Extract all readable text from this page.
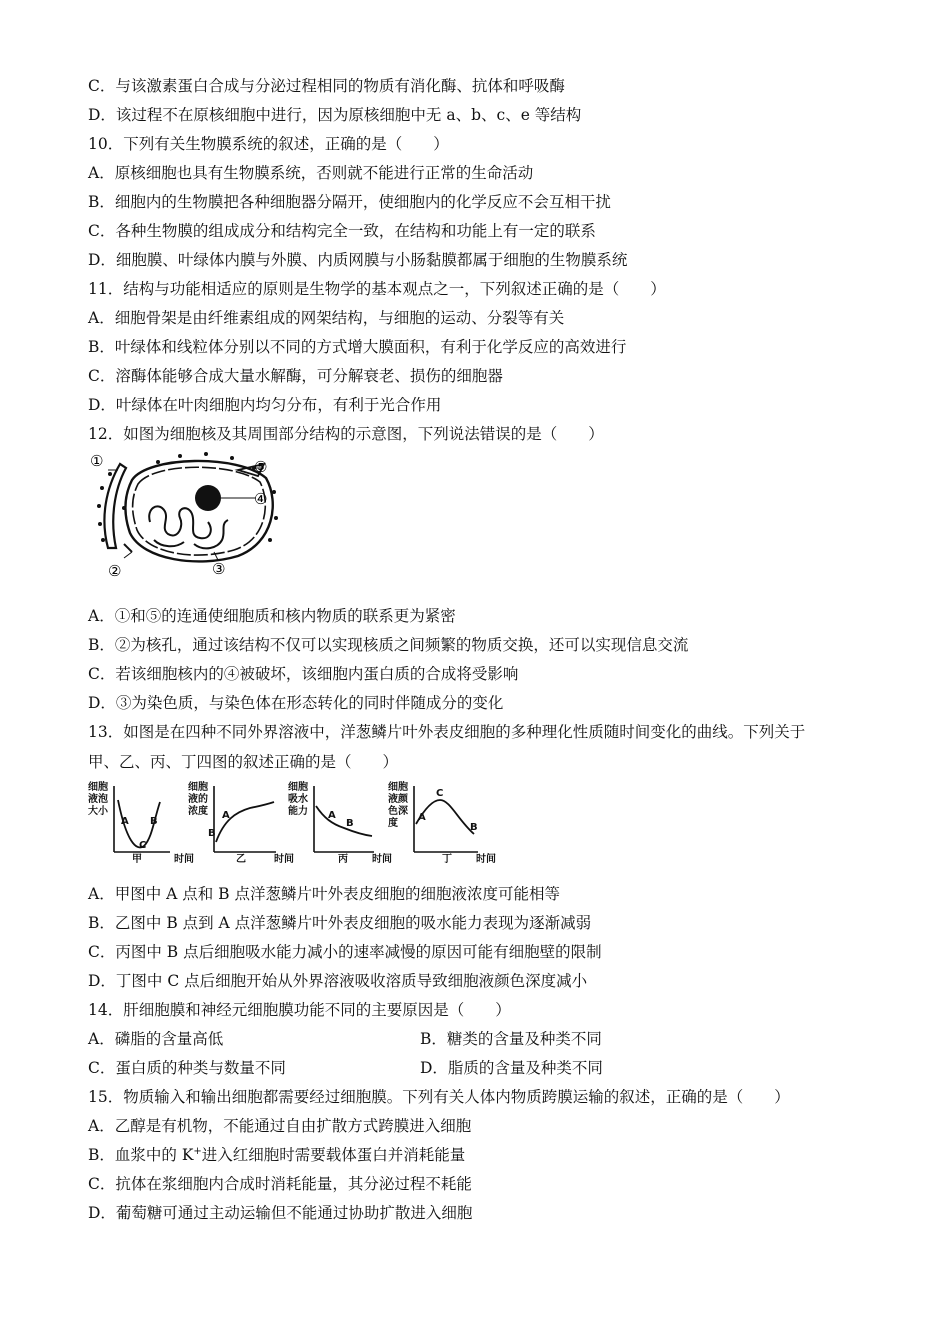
C．与该激素蛋白合成与分泌过程相同的物质有消化酶、抗体和呼吸酶
D．该过程不在原核细胞中进行，因为原核细胞中无 a、b、c、e 等结构
10．下列有关生物膜系统的叙述，正确的是（　　）
A．原核细胞也具有生物膜系统，否则就不能进行正常的生命活动
B．细胞内的生物膜把各种细胞器分隔开，使细胞内的化学反应不会互相干扰
C．各种生物膜的组成成分和结构完全一致，在结构和功能上有一定的联系
D．细胞膜、叶绿体内膜与外膜、内质网膜与小肠黏膜都属于细胞的生物膜系统
11．结构与功能相适应的原则是生物学的基本观点之一，下列叙述正确的是（　　）
A．细胞骨架是由纤维素组成的网架结构，与细胞的运动、分裂等有关
B．叶绿体和线粒体分别以不同的方式增大膜面积，有利于化学反应的高效进行
C．溶酶体能够合成大量水解酶，可分解衰老、损伤的细胞器
D．叶绿体在叶肉细胞内均匀分布，有利于光合作用
12．如图为细胞核及其周围部分结构的示意图，下列说法错误的是（　　）
①
②	③
④
⑤
A．①和⑤的连通使细胞质和核内物质的联系更为紧密
B．②为核孔，通过该结构不仅可以实现核质之间频繁的物质交换，还可以实现信息交流
C．若该细胞核内的④被破坏，该细胞内蛋白质的合成将受影响
D．③为染色质，与染色体在形态转化的同时伴随成分的变化
13．如图是在四种不同外界溶液中，洋葱鳞片叶外表皮细胞的多种理化性质随时间变化的曲线。下列关于
甲、乙、丙、丁四图的叙述正确的是（　　）
细胞
液泡
大小
A B
C
甲	时间
细胞
液的
浓度 A
B
乙	时间
细胞
吸水
能力 A
B
丙 时间
细胞
液颜
色深
度
A
C
B
丁 时间
A．甲图中 A 点和 B 点洋葱鳞片叶外表皮细胞的细胞液浓度可能相等
B．乙图中 B 点到 A 点洋葱鳞片叶外表皮细胞的吸水能力表现为逐渐减弱
C．丙图中 B 点后细胞吸水能力减小的速率减慢的原因可能有细胞壁的限制
D．丁图中 C 点后细胞开始从外界溶液吸收溶质导致细胞液颜色深度减小
14．肝细胞膜和神经元细胞膜功能不同的主要原因是（　　）
A．磷脂的含量高低	B．糖类的含量及种类不同
C．蛋白质的种类与数量不同	D．脂质的含量及种类不同
15．物质输入和输出细胞都需要经过细胞膜。下列有关人体内物质跨膜运输的叙述，正确的是（　　）
A．乙醇是有机物，不能通过自由扩散方式跨膜进入细胞
B．血浆中的 K+进入红细胞时需要载体蛋白并消耗能量
C．抗体在浆细胞内合成时消耗能量，其分泌过程不耗能
D．葡萄糖可通过主动运输但不能通过协助扩散进入细胞
